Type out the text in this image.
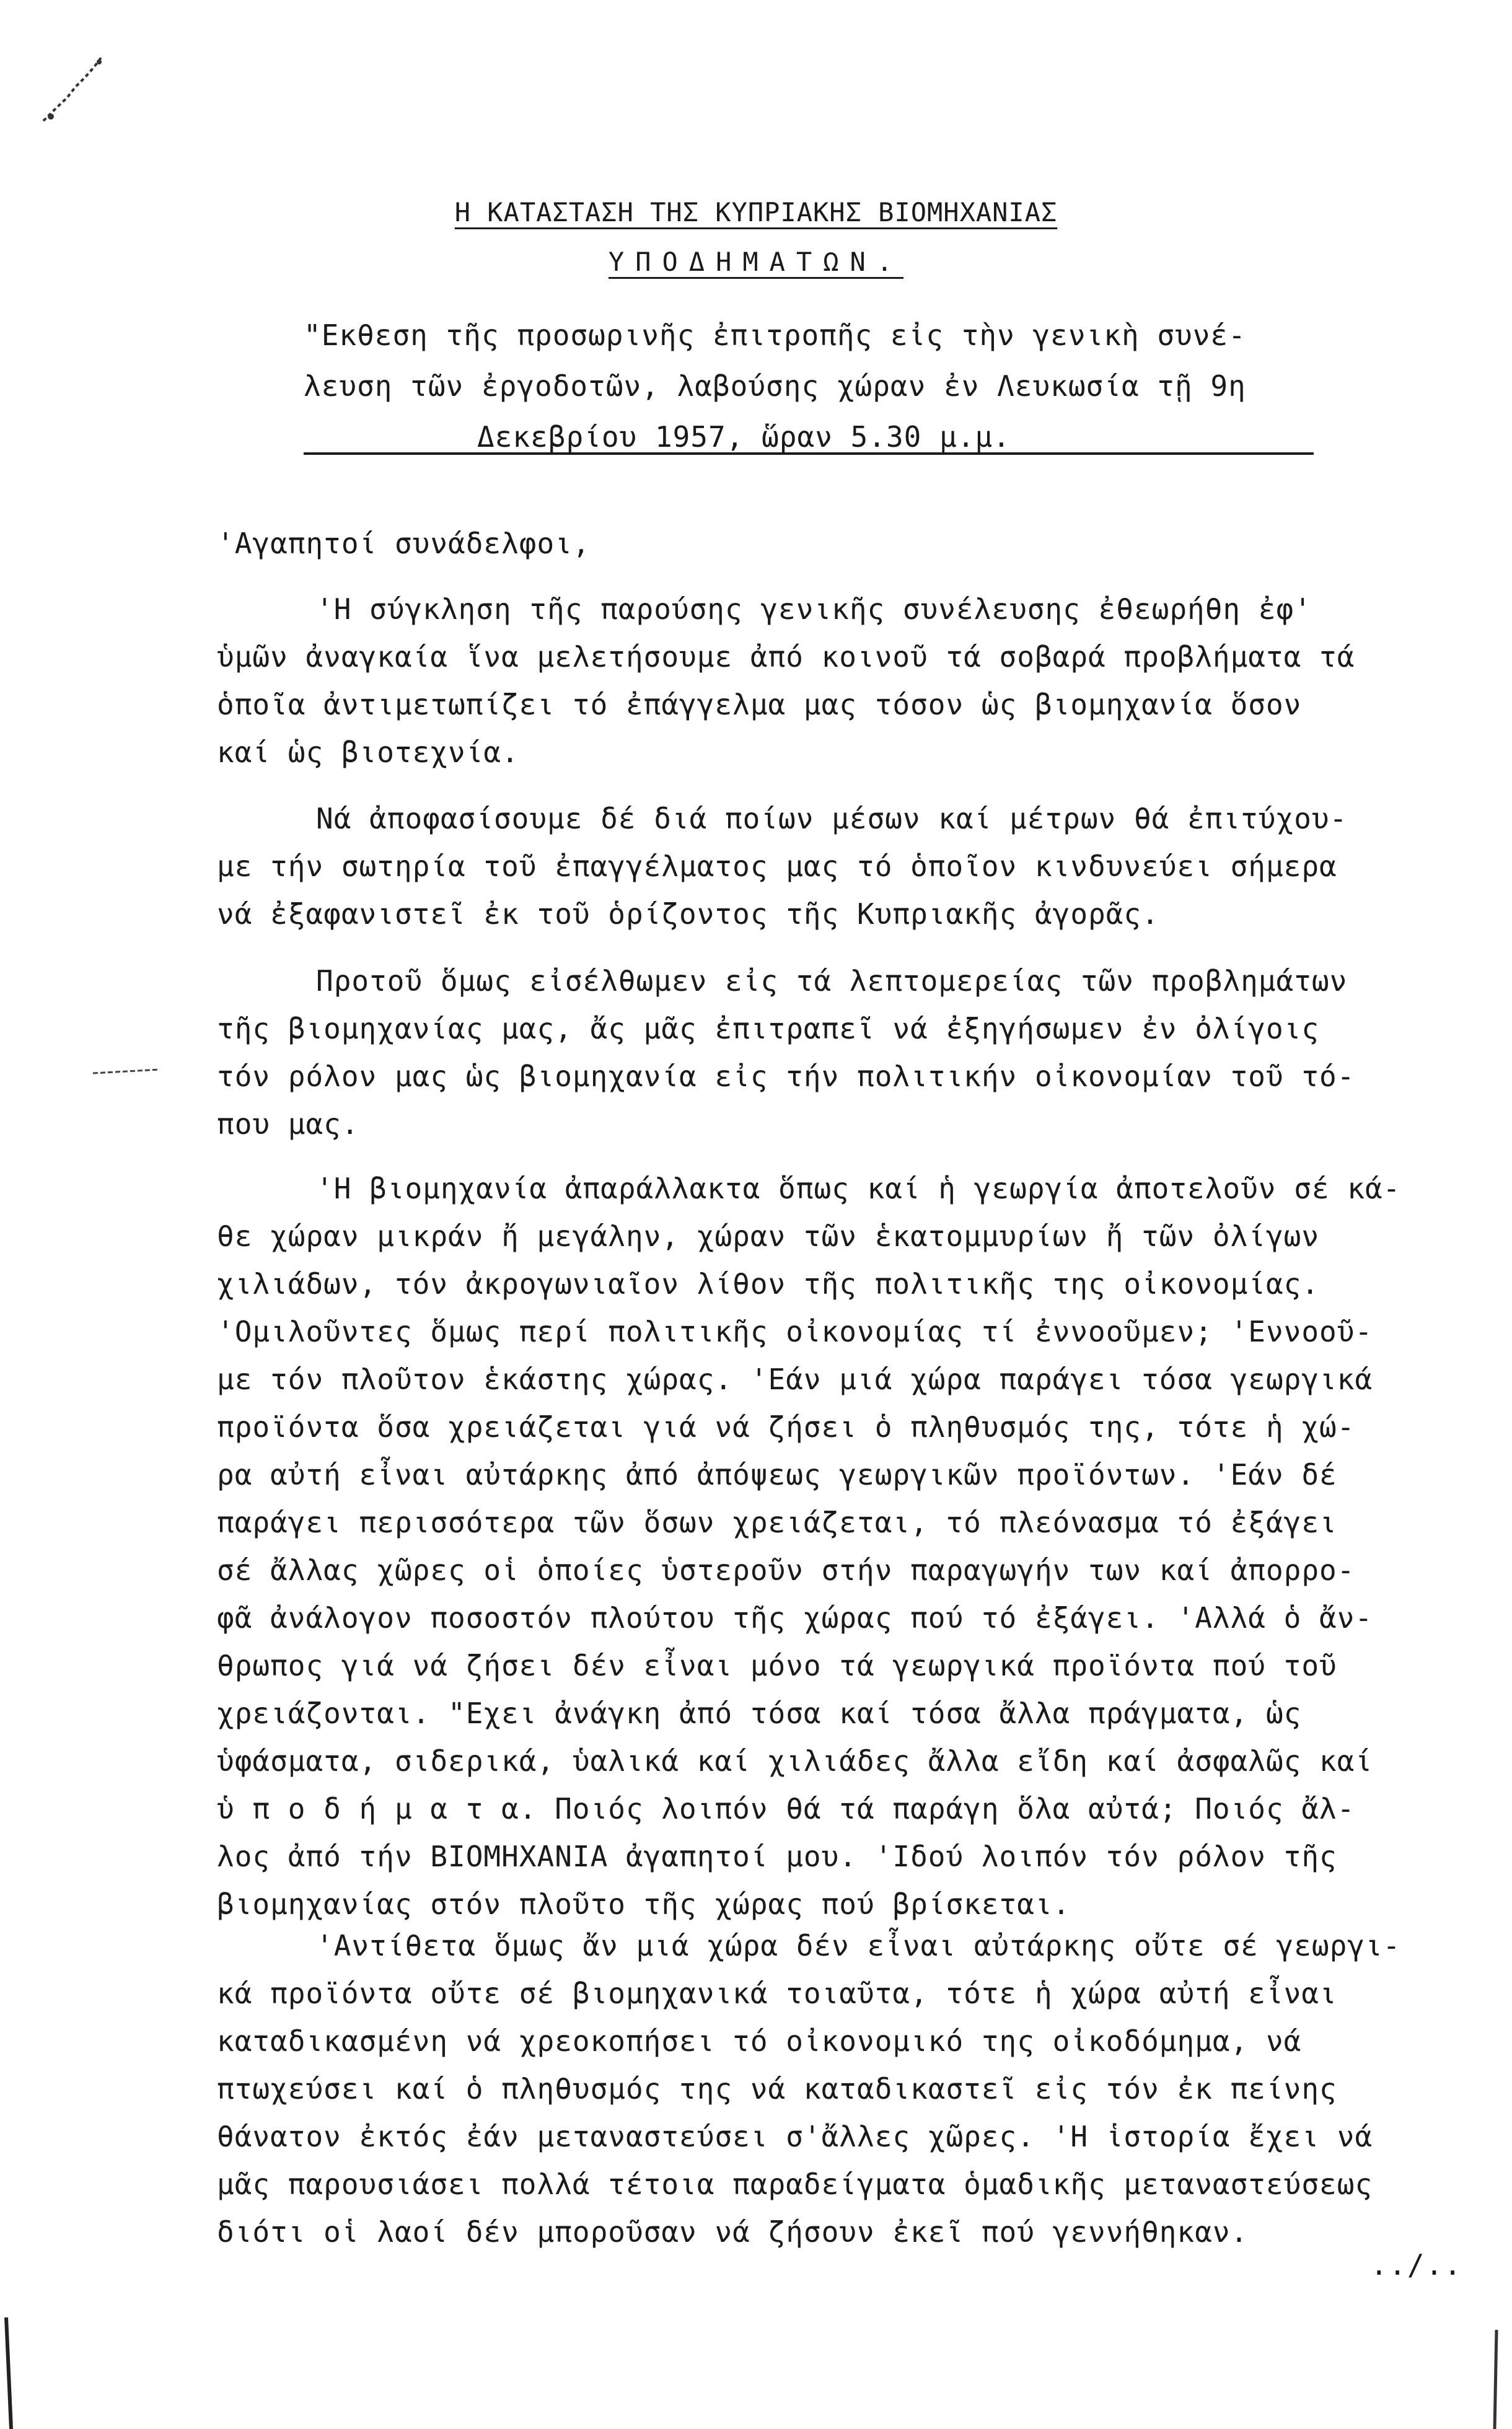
Η ΚΑΤΑΣΤΑΣΗ ΤΗΣ ΚΥΠΡΙΑΚΗΣ ΒΙΟΜΗΧΑΝΙΑΣ
ΥΠΟΔΗΜΑΤΩΝ.
"Εκθεση τῆς προσωρινῆς ἐπιτροπῆς εἰς τὴν γενικὴ συνέ-
λευση τῶν ἐργοδοτῶν, λαβούσης χώραν ἐν Λευκωσία τῇ 9η
Δεκεβρίου 1957, ὥραν 5.30 μ.μ.
'Αγαπητοί συνάδελφοι,
'Η σύγκληση τῆς παρούσης γενικῆς συνέλευσης ἐθεωρήθη ἐφ'
ὑμῶν ἀναγκαία ἵνα μελετήσουμε ἀπό κοινοῦ τά σοβαρά προβλήματα τά
ὁποῖα ἀντιμετωπίζει τό ἐπάγγελμα μας τόσον ὡς βιομηχανία ὅσον
καί ὡς βιοτεχνία.
Νά ἀποφασίσουμε δέ διά ποίων μέσων καί μέτρων θά ἐπιτύχου-
με τήν σωτηρία τοῦ ἐπαγγέλματος μας τό ὁποῖον κινδυνεύει σήμερα
νά ἐξαφανιστεῖ ἐκ τοῦ ὁρίζοντος τῆς Κυπριακῆς ἀγορᾶς.
Προτοῦ ὅμως εἰσέλθωμεν εἰς τά λεπτομερείας τῶν προβλημάτων
τῆς βιομηχανίας μας, ἄς μᾶς ἐπιτραπεῖ νά ἐξηγήσωμεν ἐν ὀλίγοις
τόν ρόλον μας ὡς βιομηχανία εἰς τήν πολιτικήν οἰκονομίαν τοῦ τό-
που μας.
'Η βιομηχανία ἀπαράλλακτα ὅπως καί ἡ γεωργία ἀποτελοῦν σέ κά-
θε χώραν μικράν ἤ μεγάλην, χώραν τῶν ἑκατομμυρίων ἤ τῶν ὀλίγων
χιλιάδων, τόν ἀκρογωνιαῖον λίθον τῆς πολιτικῆς της οἰκονομίας.
'Ομιλοῦντες ὅμως περί πολιτικῆς οἰκονομίας τί ἐννοοῦμεν; 'Εννοοῦ-
με τόν πλοῦτον ἑκάστης χώρας. 'Εάν μιά χώρα παράγει τόσα γεωργικά
προϊόντα ὅσα χρειάζεται γιά νά ζήσει ὁ πληθυσμός της, τότε ἡ χώ-
ρα αὐτή εἶναι αὐτάρκης ἀπό ἀπόψεως γεωργικῶν προϊόντων. 'Εάν δέ
παράγει περισσότερα τῶν ὅσων χρειάζεται, τό πλεόνασμα τό ἐξάγει
σέ ἄλλας χῶρες οἱ ὁποίες ὑστεροῦν στήν παραγωγήν των καί ἀπορρο-
φᾶ ἀνάλογον ποσοστόν πλούτου τῆς χώρας πού τό ἐξάγει. 'Αλλά ὁ ἄν-
θρωπος γιά νά ζήσει δέν εἶναι μόνο τά γεωργικά προϊόντα πού τοῦ
χρειάζονται. "Εχει ἀνάγκη ἀπό τόσα καί τόσα ἄλλα πράγματα, ὡς
ὑφάσματα, σιδερικά, ὑαλικά καί χιλιάδες ἄλλα εἴδη καί ἀσφαλῶς καί
ὑ π ο δ ή μ α τ α. Ποιός λοιπόν θά τά παράγη ὅλα αὐτά; Ποιός ἄλ-
λος ἀπό τήν ΒΙΟΜΗΧΑΝΙΑ ἀγαπητοί μου. 'Ιδού λοιπόν τόν ρόλον τῆς
βιομηχανίας στόν πλοῦτο τῆς χώρας πού βρίσκεται.
'Αντίθετα ὅμως ἄν μιά χώρα δέν εἶναι αὐτάρκης οὔτε σέ γεωργι-
κά προϊόντα οὔτε σέ βιομηχανικά τοιαῦτα, τότε ἡ χώρα αὐτή εἶναι
καταδικασμένη νά χρεοκοπήσει τό οἰκονομικό της οἰκοδόμημα, νά
πτωχεύσει καί ὁ πληθυσμός της νά καταδικαστεῖ εἰς τόν ἐκ πείνης
θάνατον ἐκτός ἐάν μεταναστεύσει σ'ἄλλες χῶρες. 'Η ἱστορία ἔχει νά
μᾶς παρουσιάσει πολλά τέτοια παραδείγματα ὁμαδικῆς μεταναστεύσεως
διότι οἱ λαοί δέν μποροῦσαν νά ζήσουν ἐκεῖ πού γεννήθηκαν.
../..
